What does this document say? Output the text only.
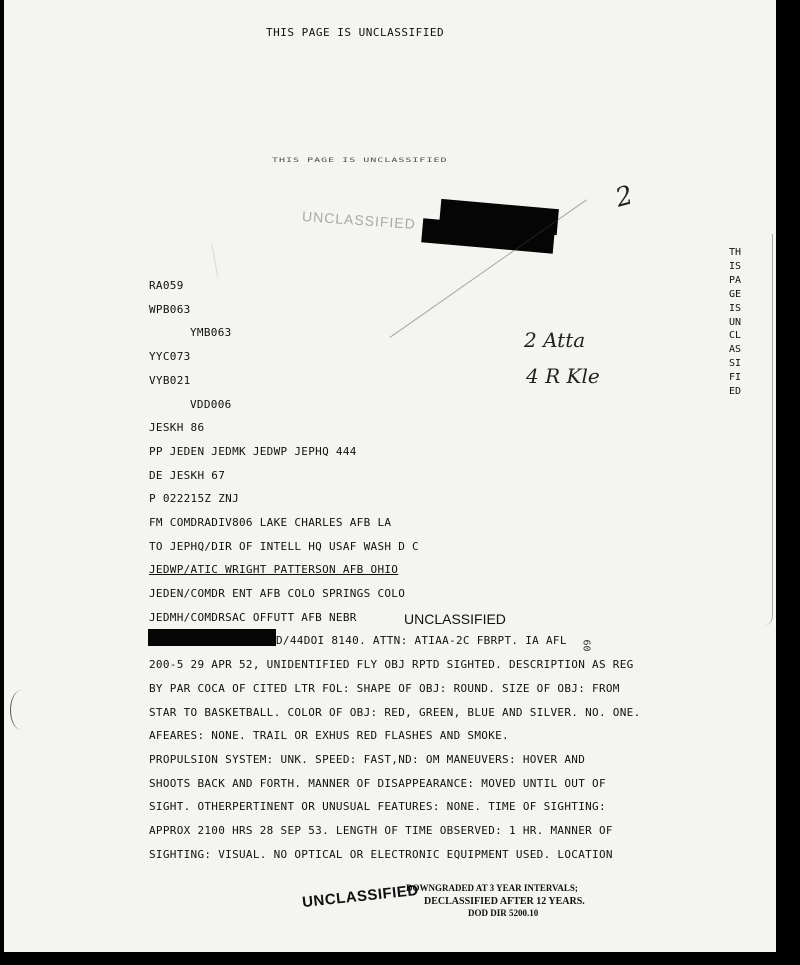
THIS PAGE IS UNCLASSIFIED
THIS PAGE IS UNCLASSIFIED
UNCLASSIFIED
2
2 Atta
4 R Kle
RA059
WPB063
YMB063
YYC073
VYB021
VDD006
JESKH 86
PP JEDEN JEDMK JEDWP JEPHQ 444
DE JESKH 67
P 022215Z ZNJ
FM COMDRADIV806 LAKE CHARLES AFB LA
TO JEPHQ/DIR OF INTELL HQ USAF WASH D C
JEDWP/ATIC WRIGHT PATTERSON AFB OHIO
JEDEN/COMDR ENT AFB COLO SPRINGS COLO
JEDMH/COMDRSAC OFFUTT AFB NEBR	UNCLASSIFIED
D/44DOI 8140. ATTN: ATIAA-2C FBRPT. IA AFL
200-5 29 APR 52, UNIDENTIFIED FLY OBJ RPTD SIGHTED. DESCRIPTION AS REG
BY PAR COCA OF CITED LTR FOL: SHAPE OF OBJ: ROUND. SIZE OF OBJ: FROM
STAR TO BASKETBALL. COLOR OF OBJ: RED, GREEN, BLUE AND SILVER. NO. ONE.
AFEARES: NONE. TRAIL OR EXHUS RED FLASHES AND SMOKE.
PROPULSION SYSTEM: UNK. SPEED: FAST,ND: OM MANEUVERS: HOVER AND
SHOOTS BACK AND FORTH. MANNER OF DISAPPEARANCE: MOVED UNTIL OUT OF
SIGHT. OTHERPERTINENT OR UNUSUAL FEATURES: NONE. TIME OF SIGHTING:
APPROX 2100 HRS 28 SEP 53. LENGTH OF TIME OBSERVED: 1 HR. MANNER OF
SIGHTING: VISUAL. NO OPTICAL OR ELECTRONIC EQUIPMENT USED. LOCATION
60
THIS PAGE IS UNCLASSIFIED
UNCLASSIFIED
DOWNGRADED AT 3 YEAR INTERVALS;
DECLASSIFIED AFTER 12 YEARS.
DOD DIR 5200.10
